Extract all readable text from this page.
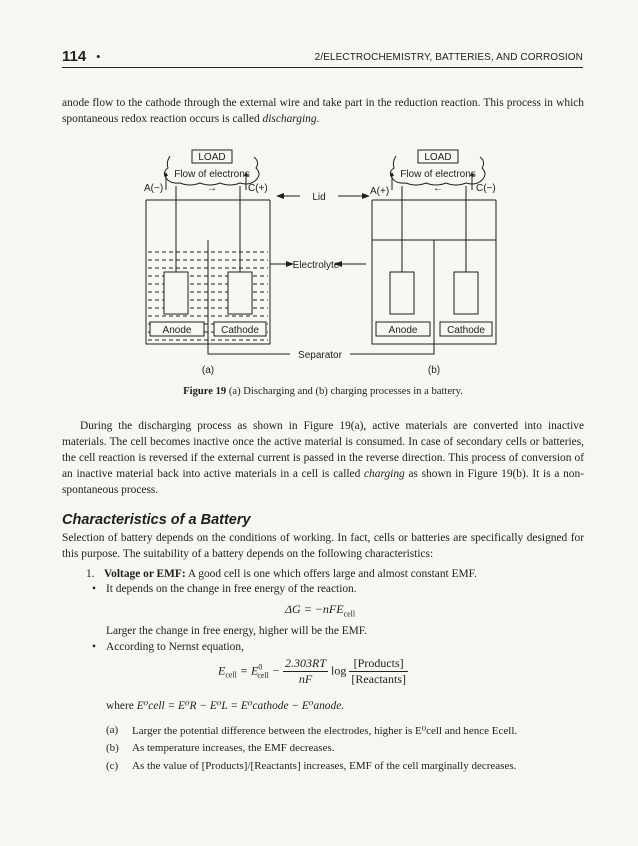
114 •	2/ELECTROCHEMISTRY, BATTERIES, AND CORROSION

anode flow to the cathode through the external wire and take part in the reduction reaction. This process in which spontaneous redox reaction occurs is called discharging.

LOAD
Flow of electrons
→
A(−)	C(+)
LOAD
Flow of electrons
←
A(+)	C(−)
Lid
Electrolyte
Separator
Anode	Cathode	Anode	Cathode
(a)	(b)
Figure 19 (a) Discharging and (b) charging processes in a battery.

During the discharging process as shown in Figure 19(a), active materials are converted into inactive materials. The cell becomes inactive once the active material is consumed. In case of secondary cells or batteries, the cell reaction is reversed if the external current is passed in the reverse direction. This process of conversion of an inactive material back into active materials in a cell is called charging as shown in Figure 19(b). It is a non-spontaneous process.

Characteristics of a Battery

Selection of battery depends on the conditions of working. In fact, cells or batteries are specifically designed for this purpose. The suitability of a battery depends on the following characteristics:

1. Voltage or EMF: A good cell is one which offers large and almost constant EMF.
• It depends on the change in free energy of the reaction.
ΔG = −nFE$_{cell}$
Larger the change in free energy, higher will be the EMF.
• According to Nernst equation,
$E_{cell} = E^0_{cell} - \frac{2.303RT}{nF}$ $\log \frac{\text{[Products]}}{\text{[Reactants]}}$
where E⁰cell = E⁰R − E⁰L = E⁰cathode − E⁰anode.
(a) Larger the potential difference between the electrodes, higher is E⁰cell and hence Ecell.
(b) As temperature increases, the EMF decreases.
(c) As the value of [Products]/[Reactants] increases, EMF of the cell marginally decreases.
